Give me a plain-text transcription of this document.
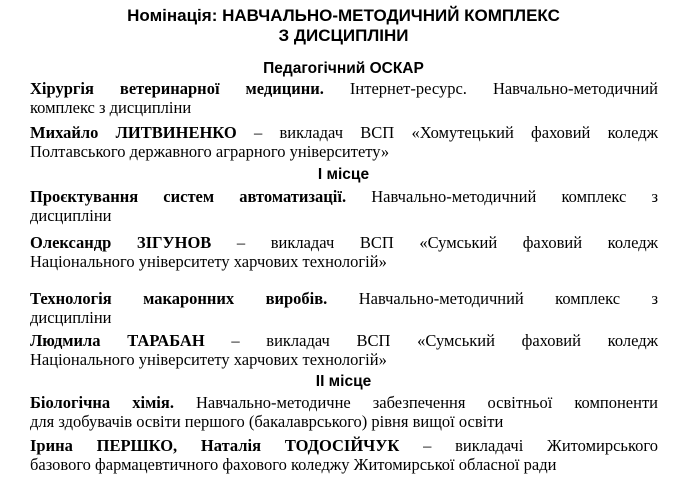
Номінація: НАВЧАЛЬНО-МЕТОДИЧНИЙ КОМПЛЕКС
З ДИСЦИПЛІНИ
Педагогічний ОСКАР
Хірургія ветеринарної медицини. Інтернет-ресурс. Навчально-методичний
комплекс з дисципліни
Михайло ЛИТВИНЕНКО – викладач ВСП «Хомутецький фаховий коледж
Полтавського державного аграрного університету»
І місце
Проєктування систем автоматизації. Навчально-методичний комплекс з
дисципліни
Олександр ЗІГУНОВ – викладач ВСП «Сумський фаховий коледж
Національного університету харчових технологій»
Технологія макаронних виробів. Навчально-методичний комплекс з
дисципліни
Людмила ТАРАБАН – викладач ВСП «Сумський фаховий коледж
Національного університету харчових технологій»
ІІ місце
Біологічна хімія. Навчально-методичне забезпечення освітньої компоненти
для здобувачів освіти першого (бакалаврського) рівня вищої освіти
Ірина ПЕРШКО, Наталія ТОДОСІЙЧУК – викладачі Житомирського
базового фармацевтичного фахового коледжу Житомирської обласної ради
